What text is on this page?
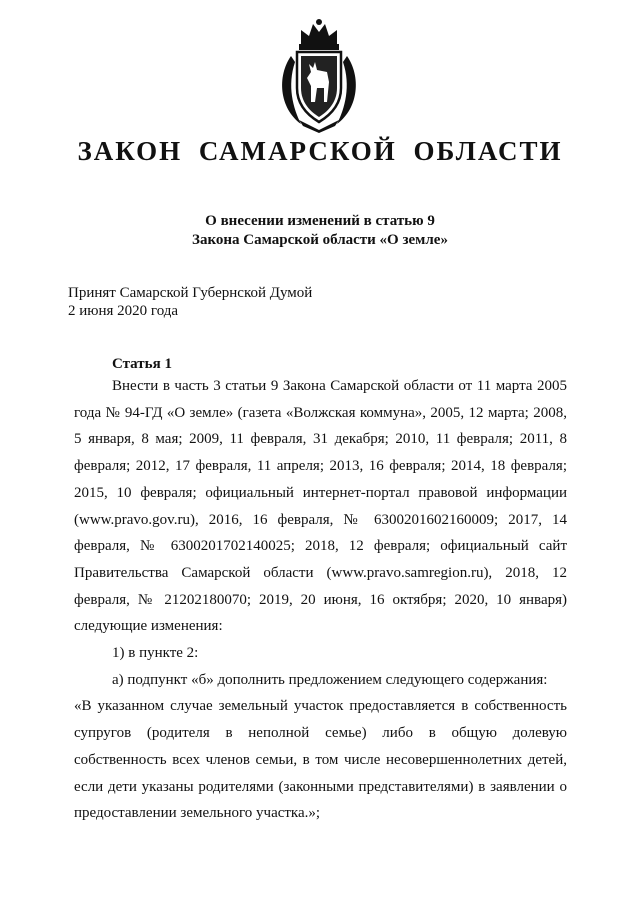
ЗАКОН САМАРСКОЙ ОБЛАСТИ
О внесении изменений в статью 9
Закона Самарской области «О земле»
Принят Самарской Губернской Думой
2 июня 2020 года
Статья 1

Внести в часть 3 статьи 9 Закона Самарской области от 11 марта 2005 года № 94-ГД «О земле» (газета «Волжская коммуна», 2005, 12 марта; 2008, 5 января, 8 мая; 2009, 11 февраля, 31 декабря; 2010, 11 февраля; 2011, 8 февраля; 2012, 17 февраля, 11 апреля; 2013, 16 февраля; 2014, 18 февраля; 2015, 10 февраля; официальный интернет-портал правовой информации (www.pravo.gov.ru), 2016, 16 февраля, № 6300201602160009; 2017, 14 февраля, № 6300201702140025; 2018, 12 февраля; официальный сайт Правительства Самарской области (www.pravo.samregion.ru), 2018, 12 февраля, № 21202180070; 2019, 20 июня, 16 октября; 2020, 10 января) следующие изменения:

1) в пункте 2:

а) подпункт «б» дополнить предложением следующего содержания:

«В указанном случае земельный участок предоставляется в собственность супругов (родителя в неполной семье) либо в общую долевую собственность всех членов семьи, в том числе несовершеннолетних детей, если дети указаны родителями (законными представителями) в заявлении о предоставлении земельного участка.»;
